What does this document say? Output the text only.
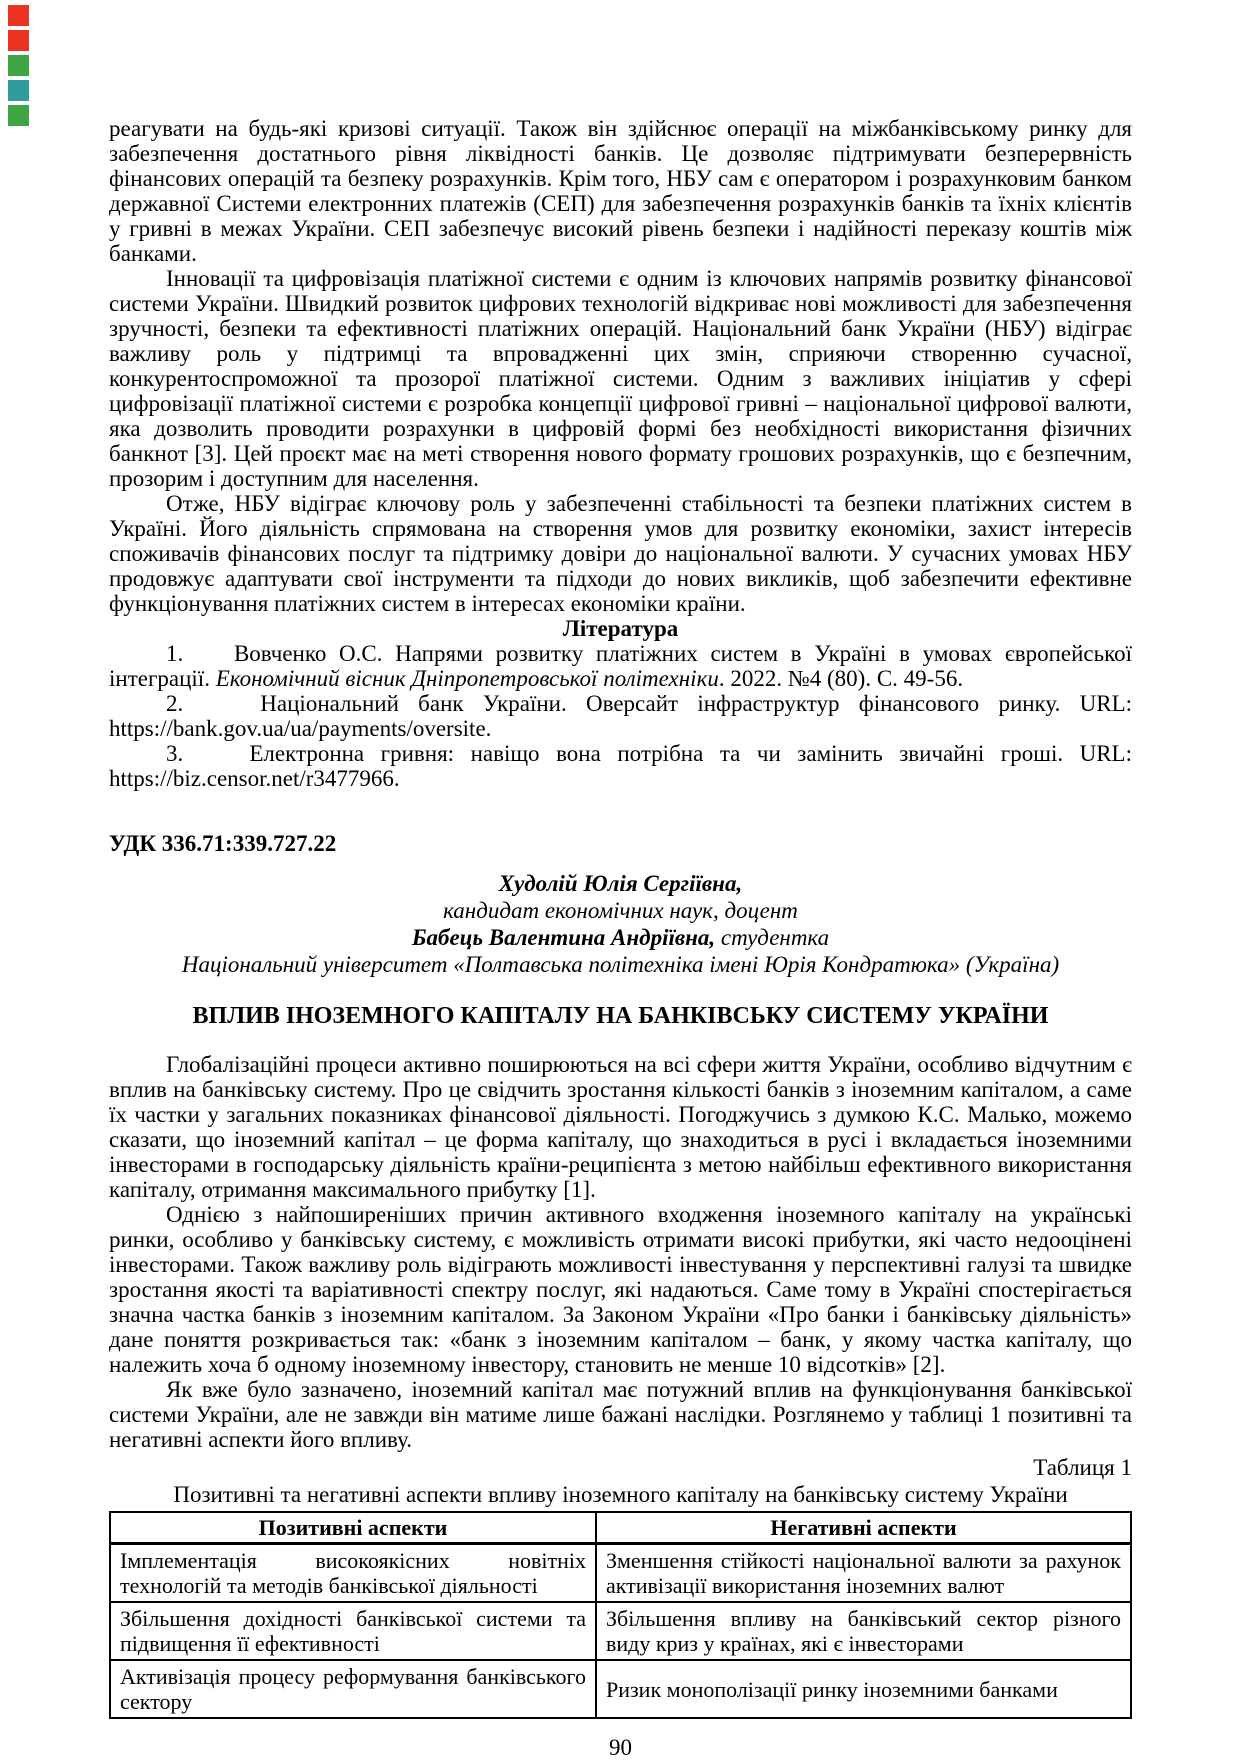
реагувати на будь-які кризові ситуації. Також він здійснює операції на міжбанківському ринку для забезпечення достатнього рівня ліквідності банків. Це дозволяє підтримувати безперервність фінансових операцій та безпеку розрахунків. Крім того, НБУ сам є оператором і розрахунковим банком державної Системи електронних платежів (СЕП) для забезпечення розрахунків банків та їхніх клієнтів у гривні в межах України. СЕП забезпечує високий рівень безпеки і надійності переказу коштів між банками.

Інновації та цифровізація платіжної системи є одним із ключових напрямів розвитку фінансової системи України. Швидкий розвиток цифрових технологій відкриває нові можливості для забезпечення зручності, безпеки та ефективності платіжних операцій. Національний банк України (НБУ) відіграє важливу роль у підтримці та впровадженні цих змін, сприяючи створенню сучасної, конкурентоспроможної та прозорої платіжної системи. Одним з важливих ініціатив у сфері цифровізації платіжної системи є розробка концепції цифрової гривні – національної цифрової валюти, яка дозволить проводити розрахунки в цифровій формі без необхідності використання фізичних банкнот [3]. Цей проєкт має на меті створення нового формату грошових розрахунків, що є безпечним, прозорим і доступним для населення.

Отже, НБУ відіграє ключову роль у забезпеченні стабільності та безпеки платіжних систем в Україні. Його діяльність спрямована на створення умов для розвитку економіки, захист інтересів споживачів фінансових послуг та підтримку довіри до національної валюти. У сучасних умовах НБУ продовжує адаптувати свої інструменти та підходи до нових викликів, щоб забезпечити ефективне функціонування платіжних систем в інтересах економіки країни.

Література

1.    Вовченко О.С. Напрями розвитку платіжних систем в Україні в умовах європейської інтеграції. Економічний вісник Дніпропетровської політехніки. 2022. №4 (80). С. 49-56.

2.    Національний банк України. Оверсайт інфраструктур фінансового ринку. URL: https://bank.gov.ua/ua/payments/oversite.

3.    Електронна гривня: навіщо вона потрібна та чи замінить звичайні гроші. URL: https://biz.censor.net/r3477966.

УДК 336.71:339.727.22

Худолій Юлія Сергіївна,

кандидат економічних наук, доцент

Бабець Валентина Андріївна, студентка

Національний університет «Полтавська політехніка імені Юрія Кондратюка» (Україна)

ВПЛИВ ІНОЗЕМНОГО КАПІТАЛУ НА БАНКІВСЬКУ СИСТЕМУ УКРАЇНИ

Глобалізаційні процеси активно поширюються на всі сфери життя України, особливо відчутним є вплив на банківську систему. Про це свідчить зростання кількості банків з іноземним капіталом, а саме їх частки у загальних показниках фінансової діяльності. Погоджучись з думкою К.С. Малько, можемо сказати, що іноземний капітал – це форма капіталу, що знаходиться в русі і вкладається іноземними інвесторами в господарську діяльність країни-реципієнта з метою найбільш ефективного використання капіталу, отримання максимального прибутку [1].

Однією з найпоширеніших причин активного входження іноземного капіталу на українські ринки, особливо у банківську систему, є можливість отримати високі прибутки, які часто недооцінені інвесторами. Також важливу роль відіграють можливості інвестування у перспективні галузі та швидке зростання якості та варіативності спектру послуг, які надаються. Саме тому в Україні спостерігається значна частка банків з іноземним капіталом. За Законом України «Про банки і банківську діяльність» дане поняття розкривається так: «банк з іноземним капіталом – банк, у якому частка капіталу, що належить хоча б одному іноземному інвестору, становить не менше 10 відсотків» [2].

Як вже було зазначено, іноземний капітал має потужний вплив на функціонування банківської системи України, але не завжди він матиме лише бажані наслідки. Розглянемо у таблиці 1 позитивні та негативні аспекти його впливу.

Таблиця 1

Позитивні та негативні аспекти впливу іноземного капіталу на банківську систему України

Позитивні аспекти	Негативні аспекти
Імплементація високоякісних новітніх технологій та методів банківської діяльності	Зменшення стійкості національної валюти за рахунок активізації використання іноземних валют
Збільшення дохідності банківської системи та підвищення її ефективності	Збільшення впливу на банківський сектор різного виду криз у країнах, які є інвесторами
Активізація процесу реформування банківського сектору	Ризик монополізації ринку іноземними банками
90
